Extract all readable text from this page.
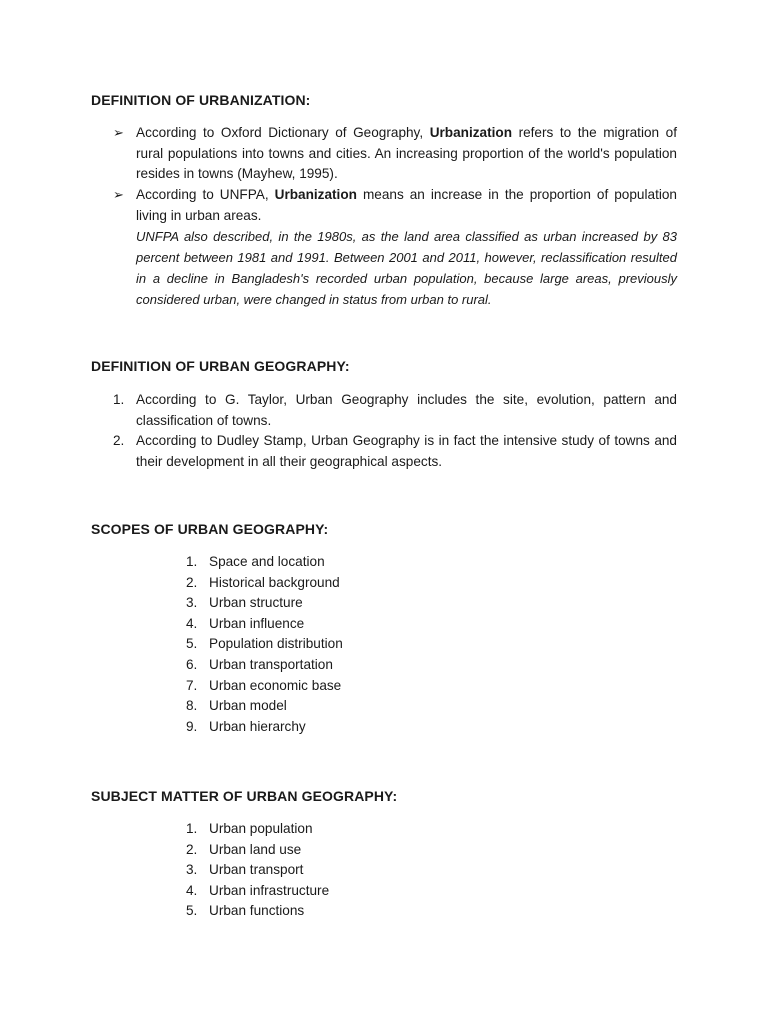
DEFINITION OF URBANIZATION:
➢ According to Oxford Dictionary of Geography, Urbanization refers to the migration of rural populations into towns and cities. An increasing proportion of the world's population resides in towns (Mayhew, 1995).

➢ According to UNFPA, Urbanization means an increase in the proportion of population living in urban areas.

UNFPA also described, in the 1980s, as the land area classified as urban increased by 83 percent between 1981 and 1991. Between 2001 and 2011, however, reclassification resulted in a decline in Bangladesh's recorded urban population, because large areas, previously considered urban, were changed in status from urban to rural.

DEFINITION OF URBAN GEOGRAPHY:
1. According to G. Taylor, Urban Geography includes the site, evolution, pattern and classification of towns.

2. According to Dudley Stamp, Urban Geography is in fact the intensive study of towns and their development in all their geographical aspects.

SCOPES OF URBAN GEOGRAPHY:
1. Space and location
2. Historical background
3. Urban structure
4. Urban influence
5. Population distribution
6. Urban transportation
7. Urban economic base
8. Urban model
9. Urban hierarchy
SUBJECT MATTER OF URBAN GEOGRAPHY:
1. Urban population
2. Urban land use
3. Urban transport
4. Urban infrastructure
5. Urban functions
